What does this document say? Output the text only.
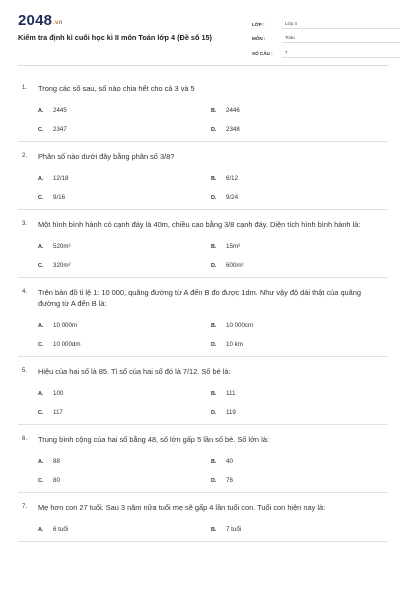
2048.vn
Kiểm tra định kì cuối học kì II môn Toán lớp 4 (Đề số 15)
LỚP :	Lớp 4
MÔN :	Toán
SỐ CÂU :	7
1.	Trong các số sau, số nào chia hết cho cả 3 và 5
A.	2445	B.	2446
C.	2347	D.	2348
2.	Phân số nào dưới đây bằng phân số 3/8?
A.	12/18	B.	6/12
C.	9/16	D.	9/24
3.	Một hình bình hành có cạnh đáy là 40m, chiều cao bằng 3/8 cạnh đáy. Diện tích hình bình hành là:
A.	520m²	B.	15m²
C.	320m²	D.	600m²
4.	Trên bản đồ tỉ lệ 1: 10 000, quãng đường từ A đến B đo được 1dm. Như vậy độ dài thật của quãng đường từ A đến B là:
A.	10 000m	B.	10 000cm
C.	10 000dm	D.	10 km
5.	Hiệu của hai số là 85. Tỉ số của hai số đó là 7/12. Số bé là:
A.	100	B.	111
C.	117	D.	119
6.	Trung bình cộng của hai số bằng 48, số lớn gấp 5 lần số bé. Số lớn là:
A.	88	B.	40
C.	80	D.	76
7.	Mẹ hơn con 27 tuổi. Sau 3 năm nữa tuổi mẹ sẽ gấp 4 lần tuổi con. Tuổi con hiện nay là:
A.	6 tuổi	B.	7 tuổi
